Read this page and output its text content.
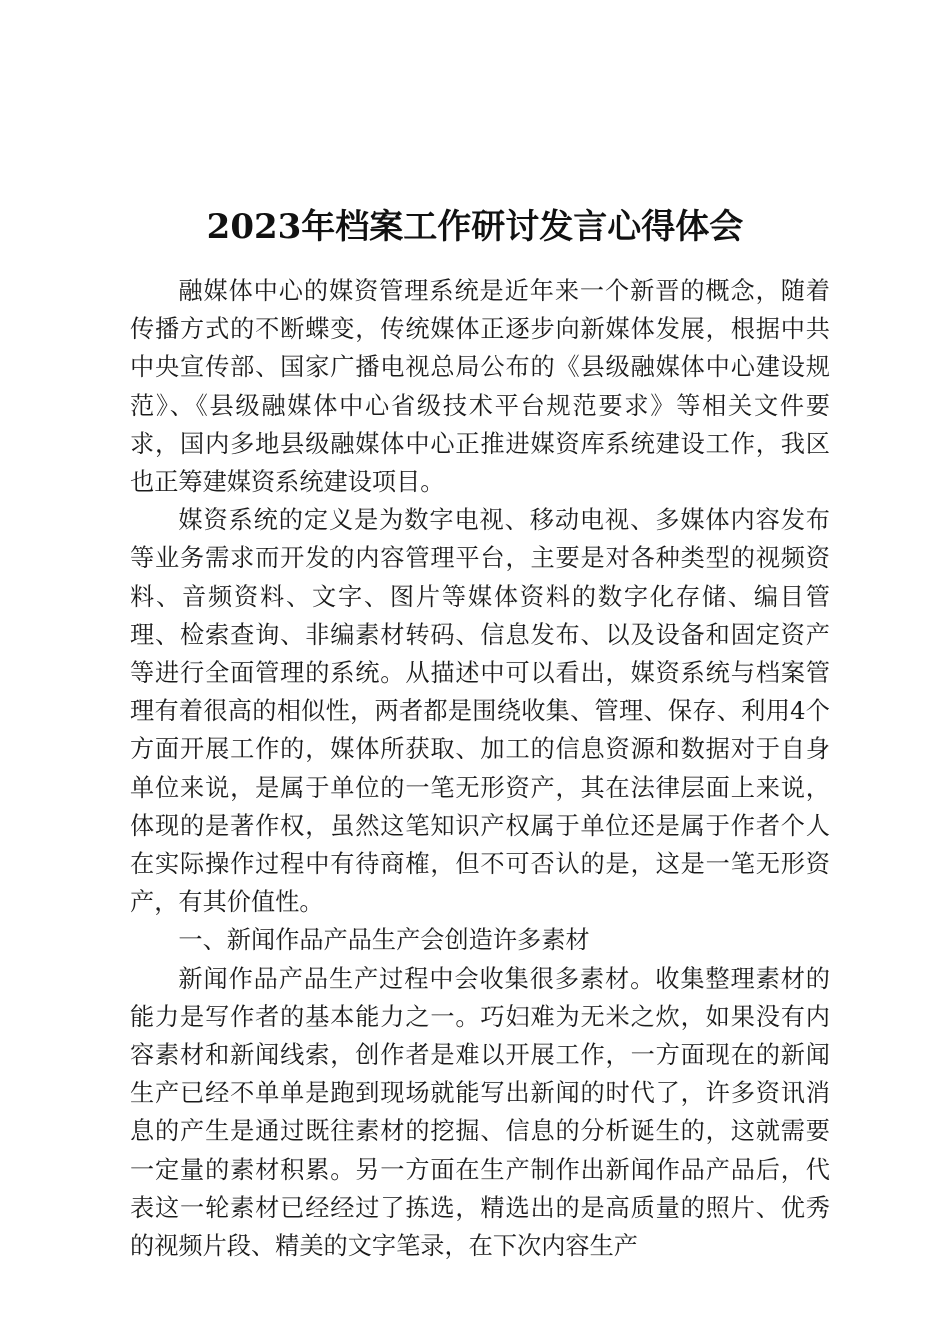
2023年档案工作研讨发言心得体会

融媒体中心的媒资管理系统是近年来一个新晋的概念，随着传播方式的不断蝶变，传统媒体正逐步向新媒体发展，根据中共中央宣传部、国家广播电视总局公布的《县级融媒体中心建设规范》、《县级融媒体中心省级技术平台规范要求》等相关文件要求，国内多地县级融媒体中心正推进媒资库系统建设工作，我区也正筹建媒资系统建设项目。

媒资系统的定义是为数字电视、移动电视、多媒体内容发布等业务需求而开发的内容管理平台，主要是对各种类型的视频资料、音频资料、文字、图片等媒体资料的数字化存储、编目管理、检索查询、非编素材转码、信息发布、以及设备和固定资产等进行全面管理的系统。从描述中可以看出，媒资系统与档案管理有着很高的相似性，两者都是围绕收集、管理、保存、利用4个方面开展工作的，媒体所获取、加工的信息资源和数据对于自身单位来说，是属于单位的一笔无形资产，其在法律层面上来说，体现的是著作权，虽然这笔知识产权属于单位还是属于作者个人在实际操作过程中有待商榷，但不可否认的是，这是一笔无形资产，有其价值性。

一、新闻作品产品生产会创造许多素材

新闻作品产品生产过程中会收集很多素材。收集整理素材的能力是写作者的基本能力之一。巧妇难为无米之炊，如果没有内容素材和新闻线索，创作者是难以开展工作，一方面现在的新闻生产已经不单单是跑到现场就能写出新闻的时代了，许多资讯消息的产生是通过既往素材的挖掘、信息的分析诞生的，这就需要一定量的素材积累。另一方面在生产制作出新闻作品产品后，代表这一轮素材已经经过了拣选，精选出的是高质量的照片、优秀的视频片段、精美的文字笔录，在下次内容生产
